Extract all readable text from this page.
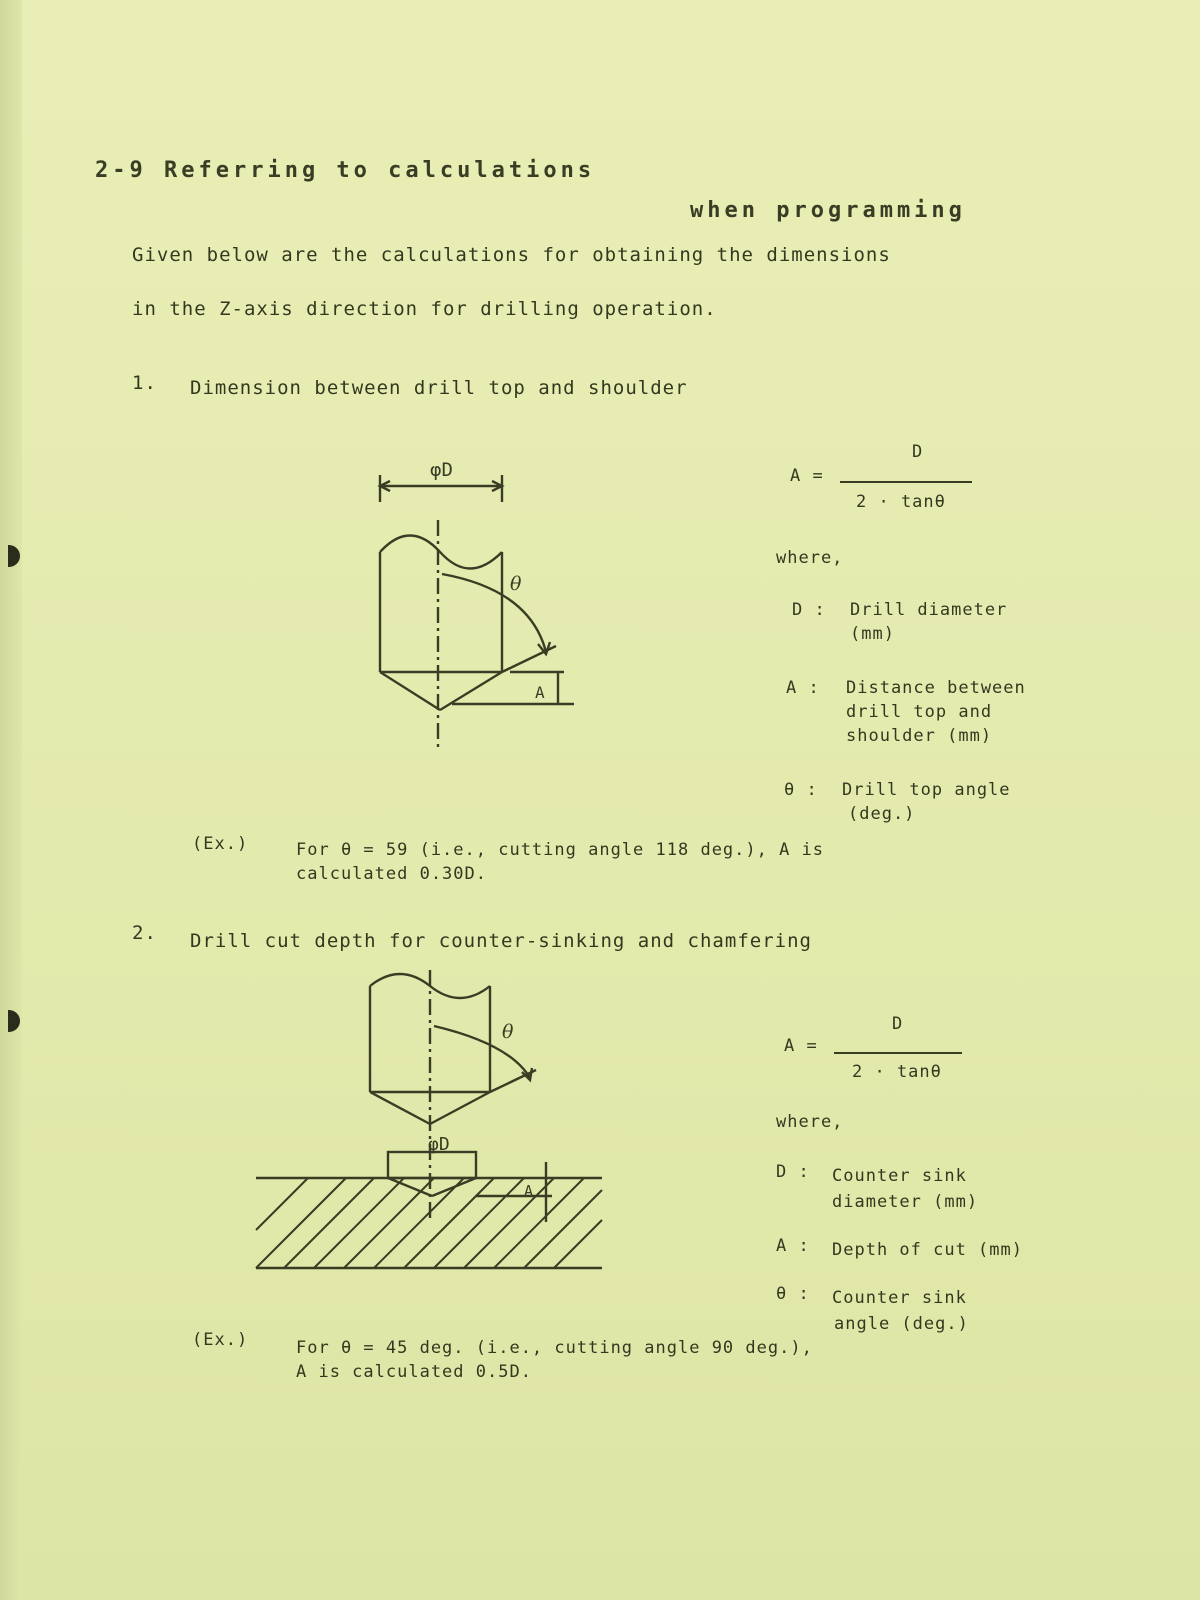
2-9 Referring to calculations
when programming
Given below are the calculations for obtaining the dimensions
in the Z-axis direction for drilling operation.
1. Dimension between drill top and shoulder
φD
θ
A
A =
D
2 · tanθ
where,
D : Drill diameter
(mm)
A : Distance between
drill top and
shoulder (mm)
θ : Drill top angle
(deg.)
(Ex.)	For θ = 59 (i.e., cutting angle 118 deg.), A is
calculated 0.30D.
2. Drill cut depth for counter-sinking and chamfering
φD
θ
A
A =
D
2 · tanθ
where,
D : Counter sink
diameter (mm)
A : Depth of cut (mm)
θ : Counter sink
angle (deg.)
(Ex.)	For θ = 45 deg. (i.e., cutting angle 90 deg.),
A is calculated 0.5D.
